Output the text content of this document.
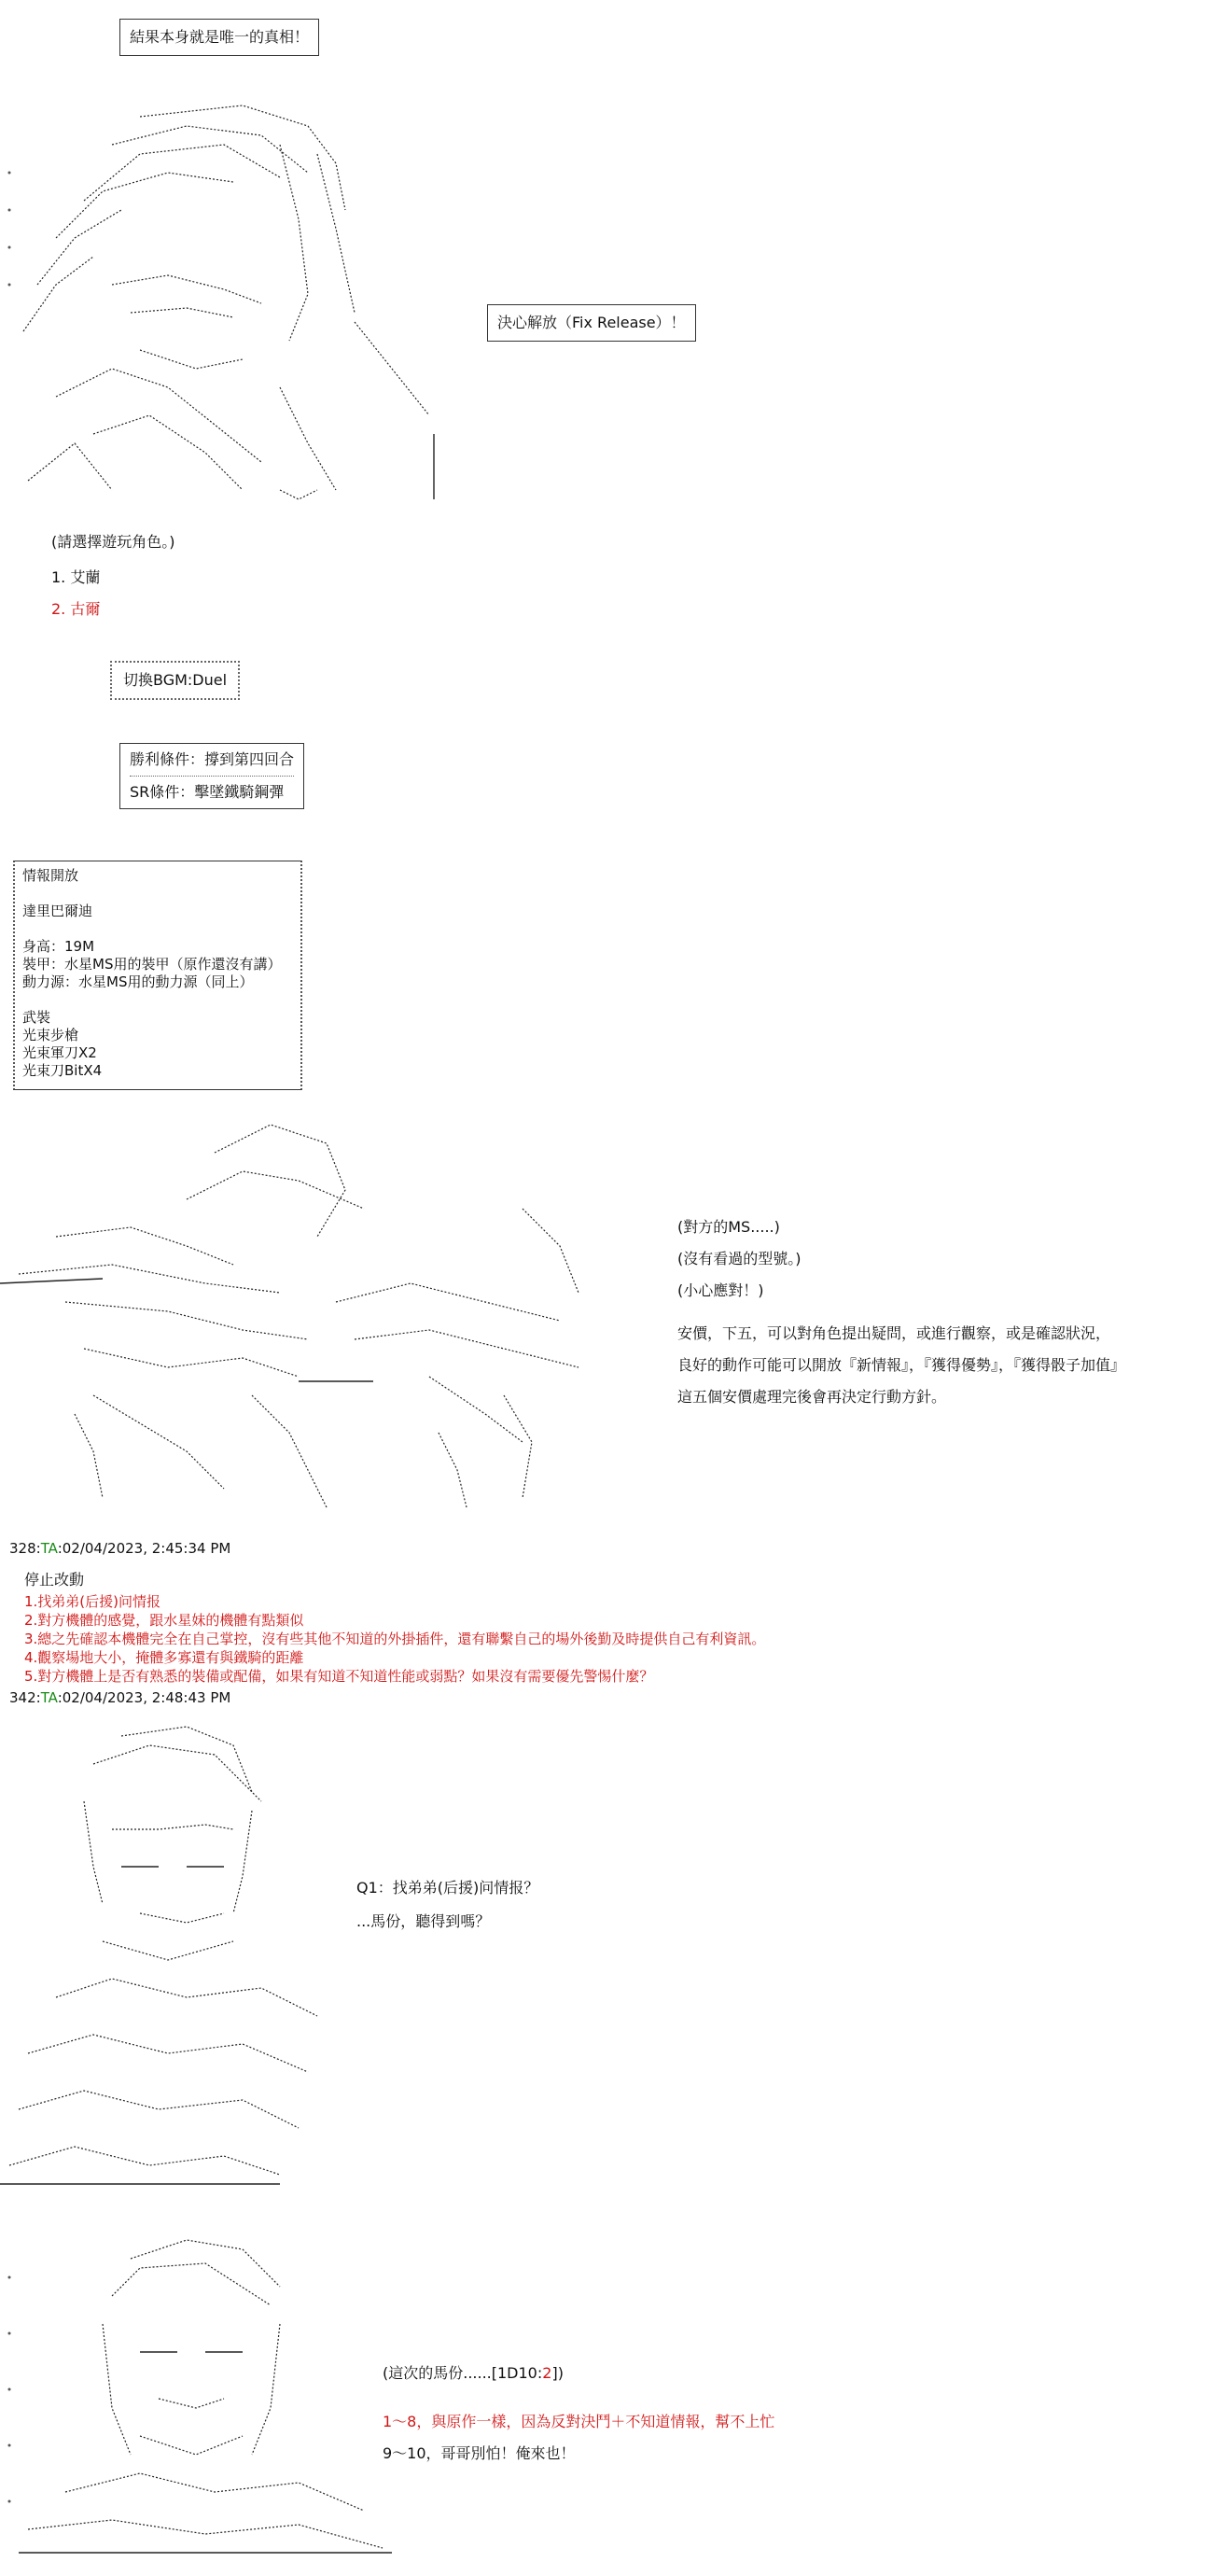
結果本身就是唯一的真相！
決心解放（Fix Release）！
(請選擇遊玩角色。)
1. 艾蘭
2. 古爾
切換BGM:Duel
勝利條件：撐到第四回合
SR條件：擊墜鐵騎鋼彈
情報開放

達里巴爾迪

身高：19M
裝甲：水星MS用的裝甲（原作還沒有講）
動力源：水星MS用的動力源（同上）

武裝
光束步槍
光束軍刀X2
光束刀BitX4
(對方的MS.....)
(沒有看過的型號。)
(小心應對！)
安價，下五，可以對角色提出疑問，或進行觀察，或是確認狀況，
良好的動作可能可以開放『新情報』，『獲得優勢』，『獲得骰子加值』
這五個安價處理完後會再決定行動方針。
328:TA:02/04/2023, 2:45:34 PM
停止改動
1.找弟弟(后援)问情报
2.對方機體的感覺，跟水星妹的機體有點類似
3.總之先確認本機體完全在自己掌控，沒有些其他不知道的外掛插件，還有聯繫自己的場外後勤及時提供自己有利資訊。
4.觀察場地大小，掩體多寡還有與鐵騎的距離
5.對方機體上是否有熟悉的裝備或配備，如果有知道不知道性能或弱點？如果沒有需要優先警惕什麼？
342:TA:02/04/2023, 2:48:43 PM
Q1：找弟弟(后援)问情报？
...馬份，聽得到嗎？
(這次的馬份......[1D10:2])
1～8，與原作一樣，因為反對決鬥＋不知道情報，幫不上忙
9～10，哥哥別怕！俺來也！
